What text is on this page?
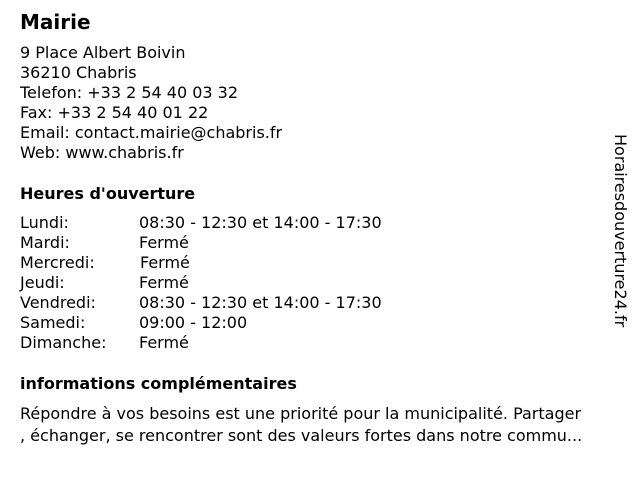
Mairie
9 Place Albert Boivin
36210 Chabris
Telefon: +33 2 54 40 03 32
Fax: +33 2 54 40 01 22
Email: contact.mairie@chabris.fr
Web: www.chabris.fr
Heures d'ouverture
Lundi:	08:30 - 12:30 et 14:00 - 17:30
Mardi:	Fermé
Mercredi:	Fermé
Jeudi:	Fermé
Vendredi:	08:30 - 12:30 et 14:00 - 17:30
Samedi:	09:00 - 12:00
Dimanche: Fermé
informations complémentaires
Répondre à vos besoins est une priorité pour la municipalité. Partager
, échanger, se rencontrer sont des valeurs fortes dans notre commu...
Horairesdouverture24.fr
